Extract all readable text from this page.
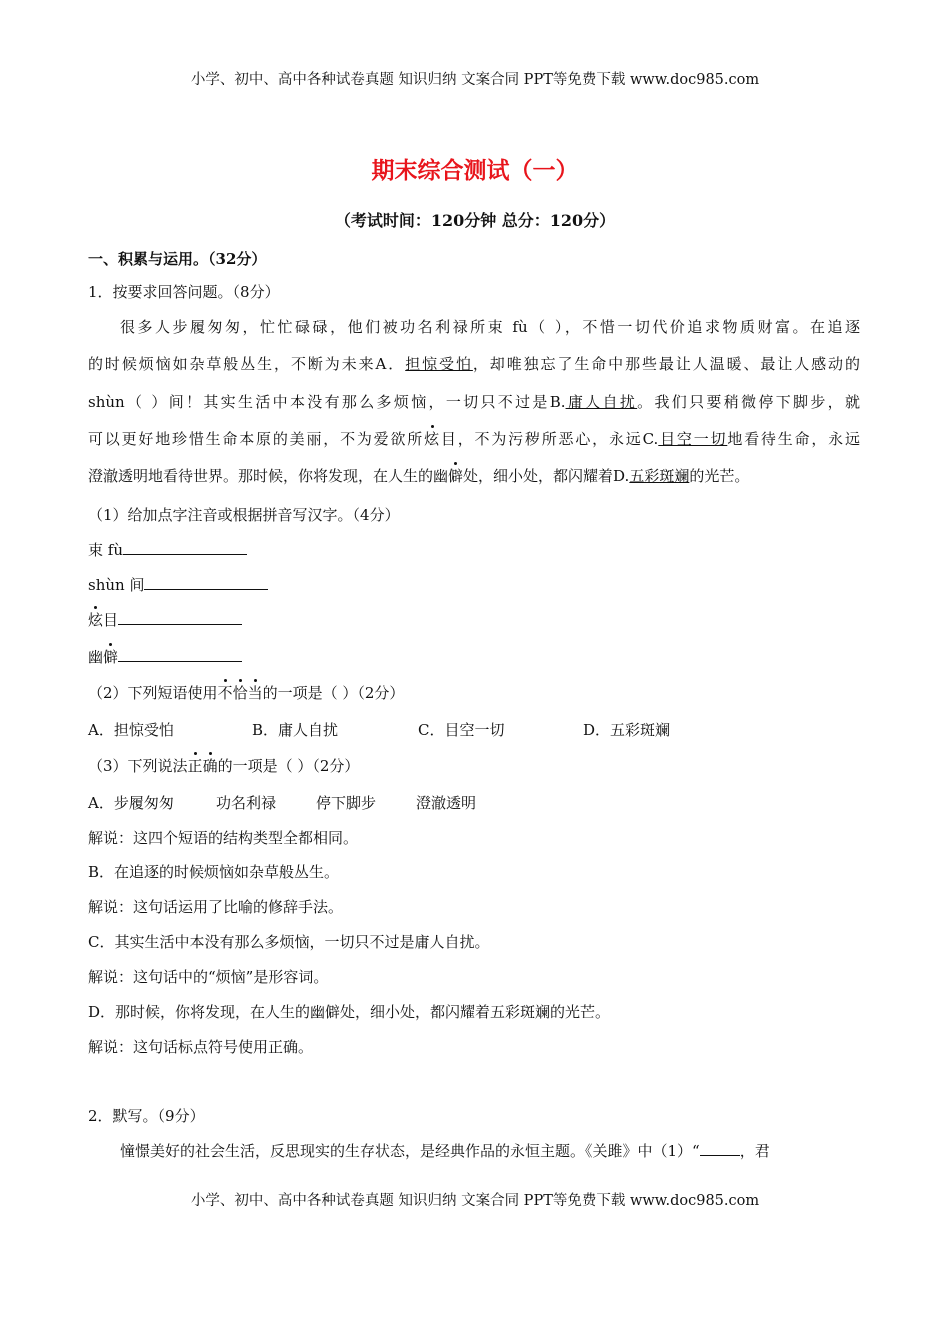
小学、初中、高中各种试卷真题 知识归纳 文案合同 PPT等免费下载 www.doc985.com
期末综合测试（一）
（考试时间：120分钟 总分：120分）
一、积累与运用。（32分）
1．按要求回答问题。（8分）
很多人步履匆匆，忙忙碌碌，他们被功名利禄所束 fù（ ），不惜一切代价追求物质财富。在追逐
的时候烦恼如杂草般丛生，不断为未来A．担惊受怕，却唯独忘了生命中那些最让人温暖、最让人感动的
shùn（ ）间！其实生活中本没有那么多烦恼，一切只不过是B.庸人自扰。我们只要稍微停下脚步，就
可以更好地珍惜生命本原的美丽，不为爱欲所炫目，不为污秽所恶心，永远C.目空一切地看待生命，永远
澄澈透明地看待世界。那时候，你将发现，在人生的幽僻处，细小处，都闪耀着D.五彩斑斓的光芒。
（1）给加点字注音或根据拼音写汉字。（4分）
束 fù
shùn 间
炫目
幽僻
（2）下列短语使用不恰当的一项是（ ）（2分）
A．担惊受怕	B．庸人自扰	C．目空一切	D．五彩斑斓
（3）下列说法正确的一项是（ ）（2分）
A．步履匆匆	功名利禄	停下脚步	澄澈透明
解说：这四个短语的结构类型全都相同。
B．在追逐的时候烦恼如杂草般丛生。
解说：这句话运用了比喻的修辞手法。
C．其实生活中本没有那么多烦恼，一切只不过是庸人自扰。
解说：这句话中的“烦恼”是形容词。
D．那时候，你将发现，在人生的幽僻处，细小处，都闪耀着五彩斑斓的光芒。
解说：这句话标点符号使用正确。
2．默写。（9分）
憧憬美好的社会生活，反思现实的生存状态，是经典作品的永恒主题。《关雎》中（1）“	，君
小学、初中、高中各种试卷真题 知识归纳 文案合同 PPT等免费下载 www.doc985.com
